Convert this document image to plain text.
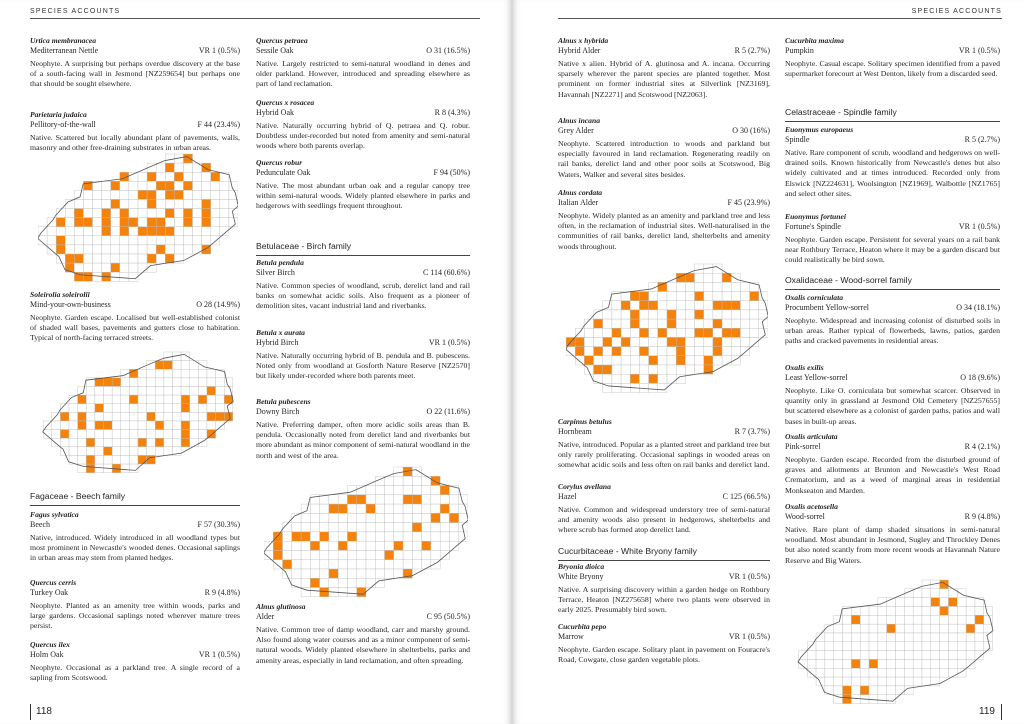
SPECIES ACCOUNTS
118
SPECIES ACCOUNTS
119
Urtica membranacea
Mediterranean Nettle	VR 1 (0.5%)
Neophyte. A surprising but perhaps overdue discovery at the base of a south-facing wall in Jesmond [NZ259654] but perhaps one that should be sought elsewhere.
Parietaria judaica
Pellitory-of-the-wall	F 44 (23.4%)
Native. Scattered but locally abundant plant of pavements, walls, masonry and other free-draining substrates in urban areas.
Soleirolia soleirolii
Mind-your-own-business	O 28 (14.9%)
Neophyte. Garden escape. Localised but well-established colonist of shaded wall bases, pavements and gutters close to habitation. Typical of north-facing terraced streets.
Fagaceae - Beech family
Fagus sylvatica
Beech	F 57 (30.3%)
Native, introduced. Widely introduced in all woodland types but most prominent in Newcastle's wooded denes. Occasional saplings in urban areas may stem from planted hedges.
Quercus cerris
Turkey Oak	R 9 (4.8%)
Neophyte. Planted as an amenity tree within woods, parks and large gardens. Occasional saplings noted wherever mature trees persist.
Quercus ilex
Holm Oak	VR 1 (0.5%)
Neophyte. Occasional as a parkland tree. A single record of a sapling from Scotswood.
Quercus petraea
Sessile Oak	O 31 (16.5%)
Native. Largely restricted to semi-natural woodland in denes and older parkland. However, introduced and spreading elsewhere as part of land reclamation.
Quercus x rosacea
Hybrid Oak	R 8 (4.3%)
Native. Naturally occurring hybrid of Q. petraea and Q. robur. Doubtless under-recorded but noted from amenity and semi-natural woods where both parents overlap.
Quercus robur
Pedunculate Oak	F 94 (50%)
Native. The most abundant urban oak and a regular canopy tree within semi-natural woods. Widely planted elsewhere in parks and hedgerows with seedlings frequent throughout.
Betulaceae - Birch family
Betula pendula
Silver Birch	C 114 (60.6%)
Native. Common species of woodland, scrub, derelict land and rail banks on somewhat acidic soils. Also frequent as a pioneer of demolition sites, vacant industrial land and riverbanks.
Betula x aurata
Hybrid Birch	VR 1 (0.5%)
Native. Naturally occurring hybrid of B. pendula and B. pubescens. Noted only from woodland at Gosforth Nature Reserve [NZ2570] but likely under-recorded where both parents meet.
Betula pubescens
Downy Birch	O 22 (11.6%)
Native. Preferring damper, often more acidic soils areas than B. pendula. Occasionally noted from derelict land and riverbanks but more abundant as minor component of semi-natural woodland in the north and west of the area.
Alnus glutinosa
Alder	C 95 (50.5%)
Native. Common tree of damp woodland, carr and marshy ground. Also found along water courses and as a minor component of semi-natural woods. Widely planted elsewhere in shelterbelts, parks and amenity areas, especially in land reclamation, and often spreading.
Alnus x hybrida
Hybrid Alder	R 5 (2.7%)
Native x alien. Hybrid of A. glutinosa and A. incana. Occurring sparsely wherever the parent species are planted together. Most prominent on former industrial sites at Silverlink [NZ3169], Havannah [NZ2271] and Scotswood [NZ2063].
Alnus incana
Grey Alder	O 30 (16%)
Neophyte. Scattered introduction to woods and parkland but especially favoured in land reclamation. Regenerating readily on rail banks, derelict land and other poor soils at Scotswood, Big Waters, Walker and several sites besides.
Alnus cordata
Italian Alder	F 45 (23.9%)
Neophyte. Widely planted as an amenity and parkland tree and less often, in the reclamation of industrial sites. Well-naturalised in the communities of rail banks, derelict land, shelterbelts and amenity woods throughout.
Carpinus betulus
Hornbeam	R 7 (3.7%)
Native, introduced. Popular as a planted street and parkland tree but only rarely proliferating. Occasional saplings in wooded areas on somewhat acidic soils and less often on rail banks and derelict land.
Corylus avellana
Hazel	C 125 (66.5%)
Native. Common and widespread understory tree of semi-natural and amenity woods also present in hedgerows, shelterbelts and where scrub has formed atop derelict land.
Cucurbitaceae - White Bryony family
Bryonia dioica
White Bryony	VR 1 (0.5%)
Native. A surprising discovery within a garden hedge on Rothbury Terrace, Heaton [NZ275658] where two plants were observed in early 2025. Presumably bird sown.
Cucurbita pepo
Marrow	VR 1 (0.5%)
Neophyte. Garden escape. Solitary plant in pavement on Fouracre's Road, Cowgate, close garden vegetable plots.
Cucurbita maxima
Pumpkin	VR 1 (0.5%)
Neophyte. Casual escape. Solitary specimen identified from a paved supermarket forecourt at West Denton, likely from a discarded seed.
Celastraceae - Spindle family
Euonymus europaeus
Spindle	R 5 (2.7%)
Native. Rare component of scrub, woodland and hedgerows on well-drained soils. Known historically from Newcastle's denes but also widely cultivated and at times introduced. Recorded only from Elswick [NZ224631], Woolsington [NZ1969], Walbottle [NZ1765] and select other sites.
Euonymus fortunei
Fortune's Spindle	VR 1 (0.5%)
Neophyte. Garden escape. Persistent for several years on a rail bank near Rothbury Terrace, Heaton where it may be a garden discard but could realistically be bird sown.
Oxalidaceae - Wood-sorrel family
Oxalis corniculata
Procumbent Yellow-sorrel	O 34 (18.1%)
Neophyte. Widespread and increasing colonist of disturbed soils in urban areas. Rather typical of flowerbeds, lawns, patios, garden paths and cracked pavements in residential areas.
Oxalis exilis
Least Yellow-sorrel	O 18 (9.6%)
Neophyte. Like O. corniculata but somewhat scarcer. Observed in quantity only in grassland at Jesmond Old Cemetery [NZ257655] but scattered elsewhere as a colonist of garden paths, patios and wall bases in built-up areas.
Oxalis articulata
Pink-sorrel	R 4 (2.1%)
Neophyte. Garden escape. Recorded from the disturbed ground of graves and allotments at Brunton and Newcastle's West Road Crematorium, and as a weed of marginal areas in residential Monkseaton and Marden.
Oxalis acetosella
Wood-sorrel	R 9 (4.8%)
Native. Rare plant of damp shaded situations in semi-natural woodland. Most abundant in Jesmond, Sugley and Throckley Denes but also noted scantly from more recent woods at Havannah Nature Reserve and Big Waters.
